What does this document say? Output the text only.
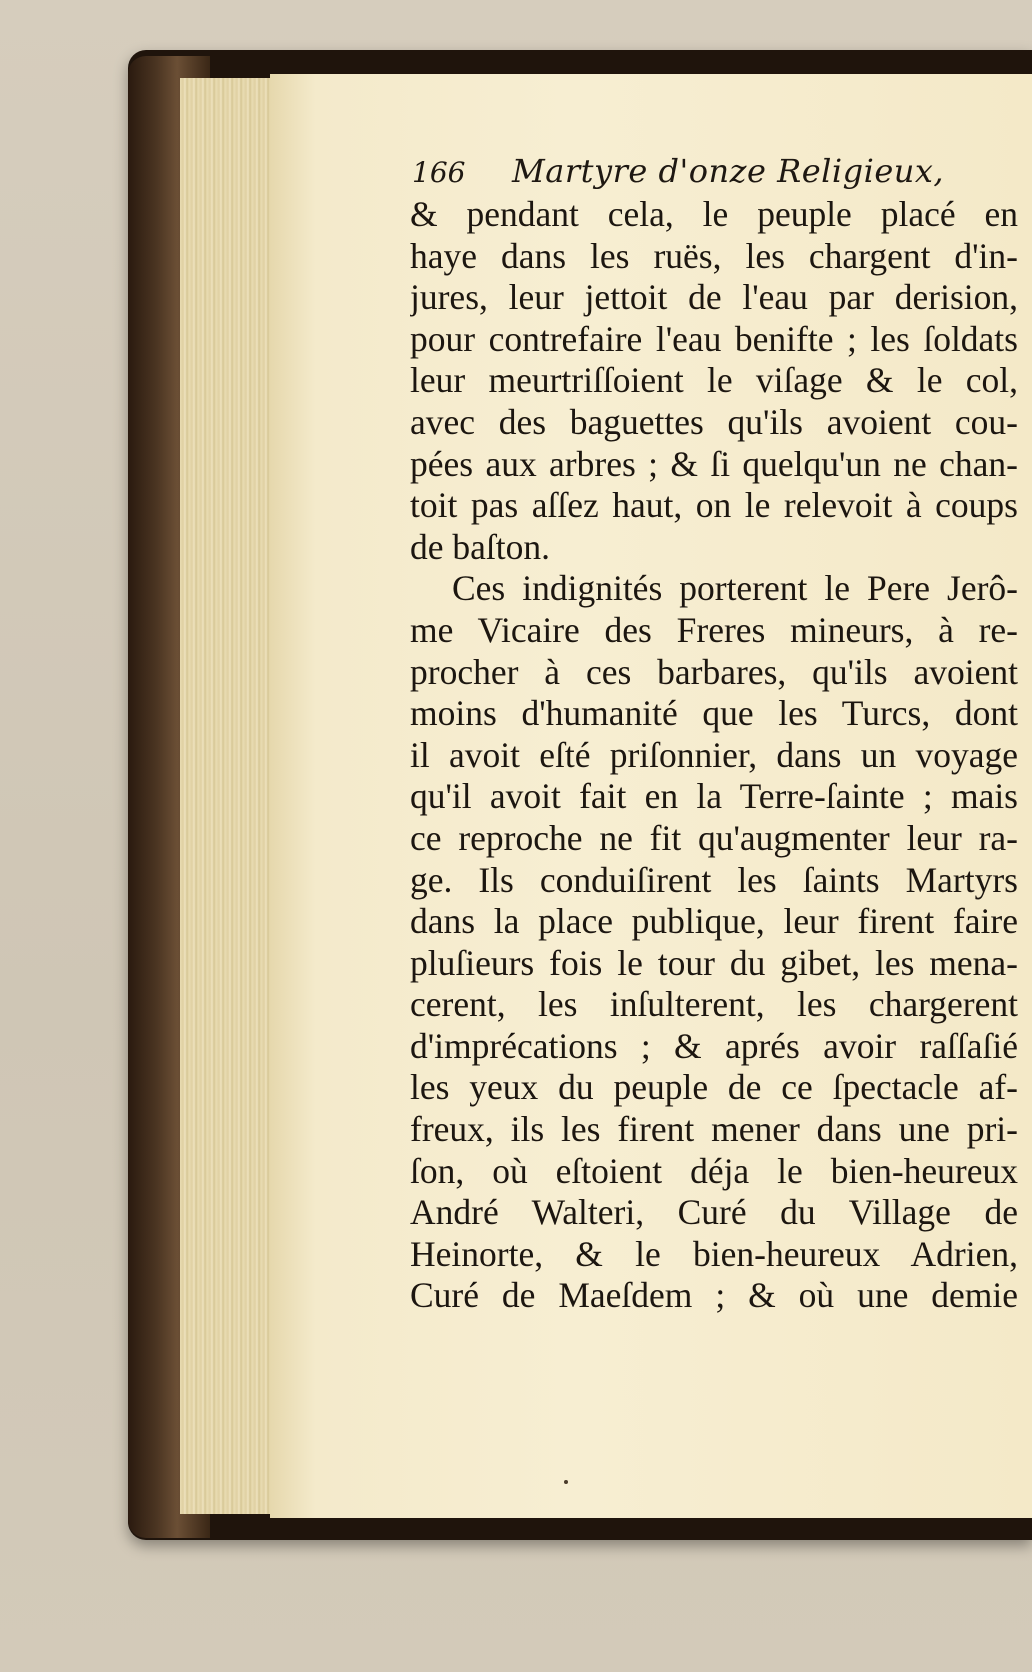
166 Martyre d'onze Religieux,
& pendant cela, le peuple placé en
haye dans les ruës, les chargent d'in-
jures, leur jettoit de l'eau par derision,
pour contrefaire l'eau benifte ; les ſoldats
leur meurtriſſoient le viſage & le col,
avec des baguettes qu'ils avoient cou-
pées aux arbres ; & ſi quelqu'un ne chan-
toit pas aſſez haut, on le relevoit à coups
de baſton.
Ces indignités porterent le Pere Jerô-
me Vicaire des Freres mineurs, à re-
procher à ces barbares, qu'ils avoient
moins d'humanité que les Turcs, dont
il avoit eſté priſonnier, dans un voyage
qu'il avoit fait en la Terre-ſainte ; mais
ce reproche ne fit qu'augmenter leur ra-
ge. Ils conduiſirent les ſaints Martyrs
dans la place publique, leur firent faire
pluſieurs fois le tour du gibet, les mena-
cerent, les inſulterent, les chargerent
d'imprécations ; & aprés avoir raſſaſié
les yeux du peuple de ce ſpectacle af-
freux, ils les firent mener dans une pri-
ſon, où eſtoient déja le bien-heureux
André Walteri, Curé du Village de
Heinorte, & le bien-heureux Adrien,
Curé de Maeſdem ; & où une demie
